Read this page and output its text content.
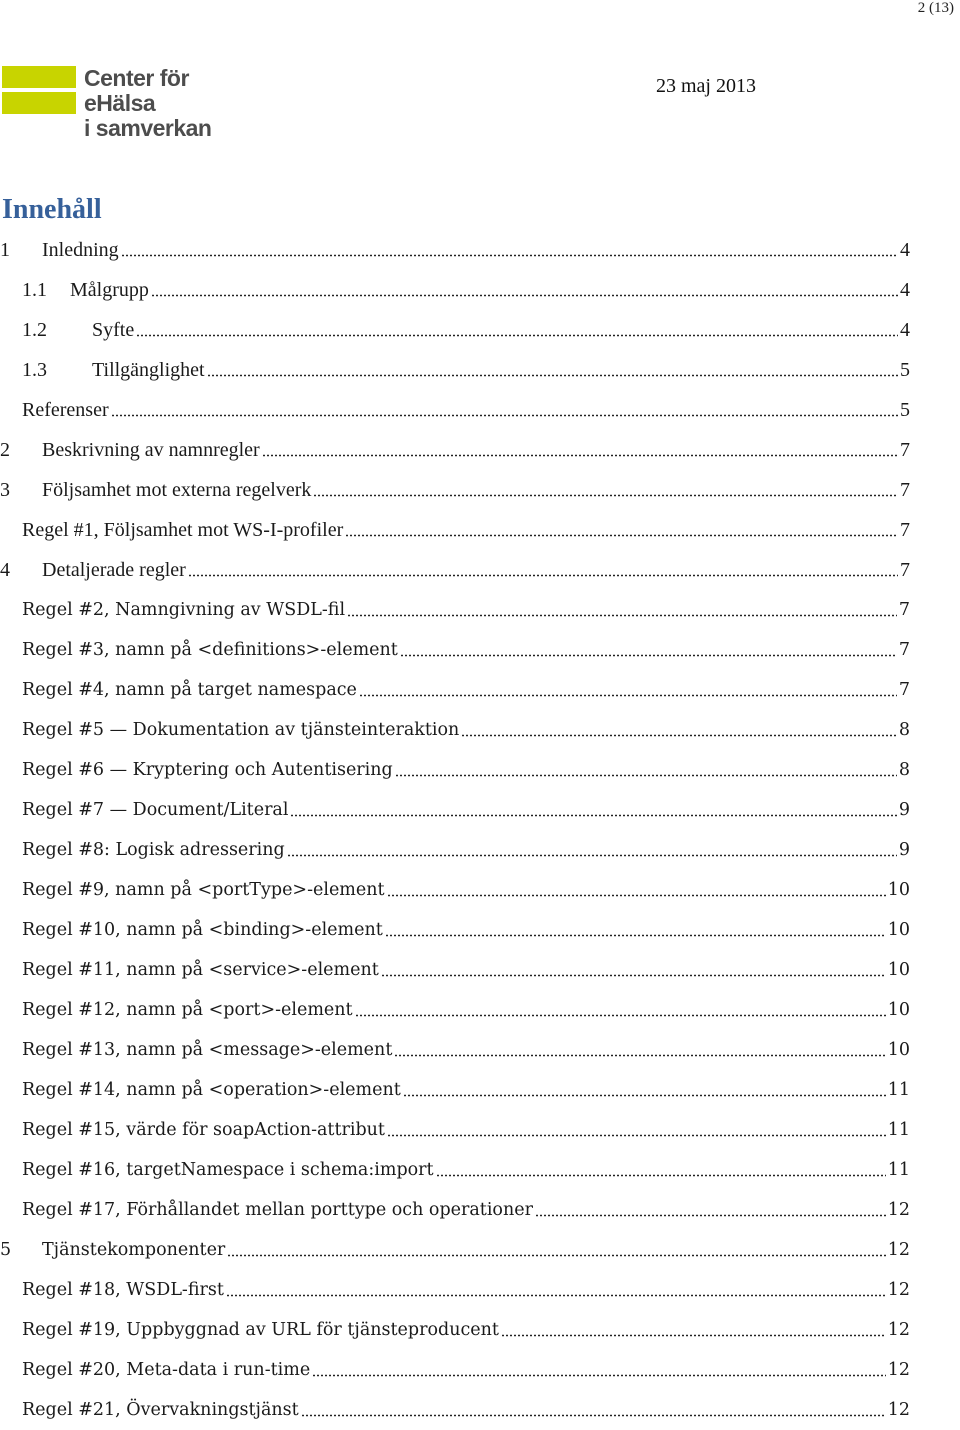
2 (13)
Center för eHälsa
i samverkan
23 maj 2013
Innehåll
1	Inledning	4
1.1	Målgrupp	4
1.2	Syfte	4
1.3	Tillgänglighet	5
Referenser	5
2	Beskrivning av namnregler	7
3	Följsamhet mot externa regelverk	7
Regel #1, Följsamhet mot WS-I-profiler	7
4	Detaljerade regler	7
Regel #2, Namngivning av WSDL-fil	7
Regel #3, namn på <definitions>-element	7
Regel #4, namn på target namespace	7
Regel #5 — Dokumentation av tjänsteinteraktion	8
Regel #6 — Kryptering och Autentisering	8
Regel #7 — Document/Literal	9
Regel #8: Logisk adressering	9
Regel #9, namn på <portType>-element	10
Regel #10, namn på <binding>-element	10
Regel #11, namn på <service>-element	10
Regel #12, namn på <port>-element	10
Regel #13, namn på <message>-element	10
Regel #14, namn på <operation>-element	11
Regel #15, värde för soapAction-attribut	11
Regel #16, targetNamespace i schema:import	11
Regel #17, Förhållandet mellan porttype och operationer	12
5	Tjänstekomponenter	12
Regel #18, WSDL-first	12
Regel #19, Uppbyggnad av URL för tjänsteproducent	12
Regel #20, Meta-data i run-time	12
Regel #21, Övervakningstjänst	12
